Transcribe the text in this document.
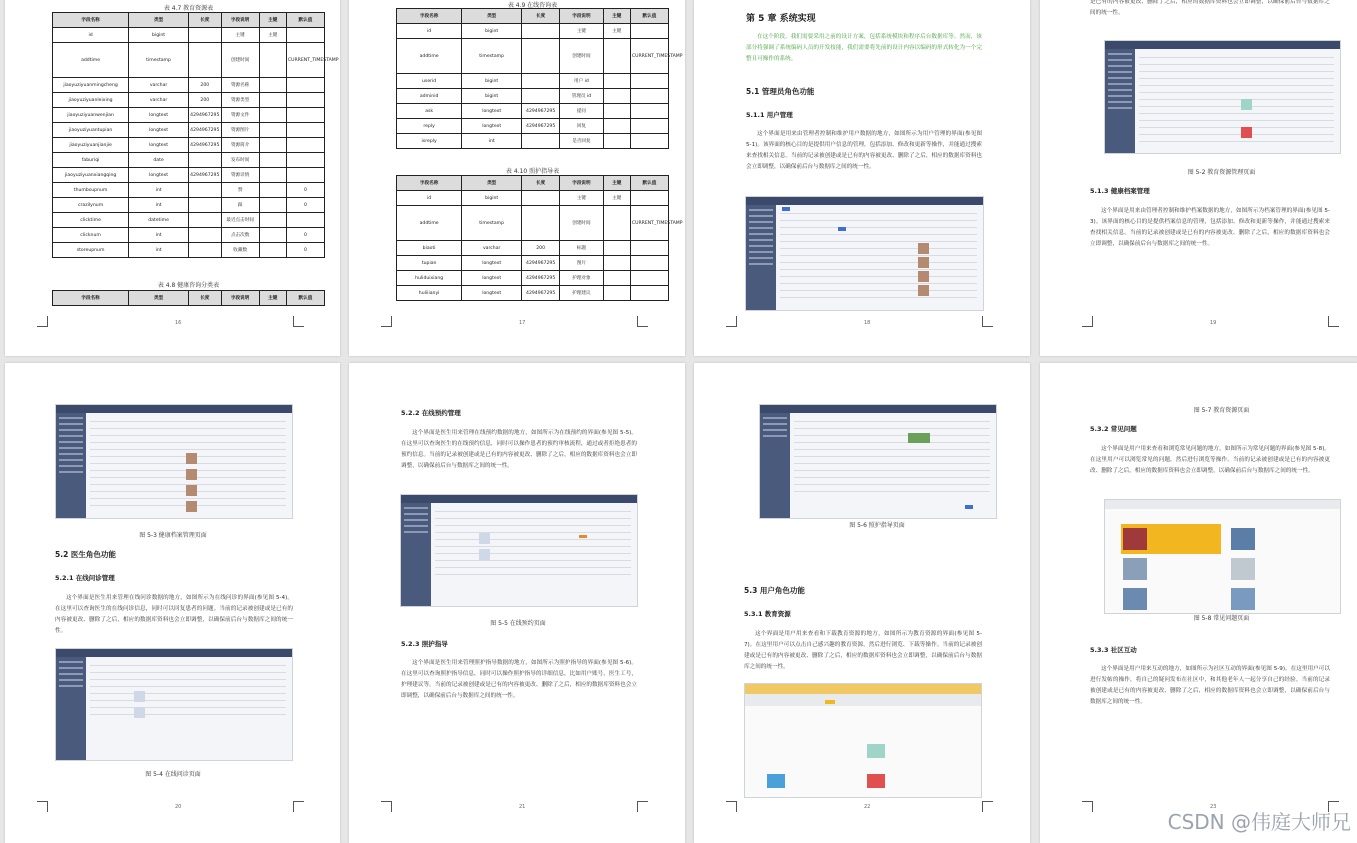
表 4.7 教育资源表
字段名称	类型	长度	字段说明	主键	默认值
id	bigint		主键	主键	
addtime	timestamp		创建时间		CURRENT_TIMESTAMP
jiaoyuziyuanmingcheng	varchar	200	资源名称		
jiaoyuziyuanleixing	varchar	200	资源类型		
jiaoyuziyuanwenjian	longtext	4294967295	资源文件		
jiaoyuziyuantupian	longtext	4294967295	资源图片		
jiaoyuziyuanjianjie	longtext	4294967295	资源简介		
faburiqi	date		发布时间		
jiaoyuziyuanxiangqing	longtext	4294967295	资源详情		
thumbsupnum	int		赞		0
crazilynum	int		踩		0
clicktime	datetime		最近点击时间		
clicknum	int		点击次数		0
storeupnum	int		收藏数		0
表 4.8 健康咨询分类表
字段名称	类型	长度	字段说明	主键	默认值
16
表 4.9 在线咨询表
字段名称	类型	长度	字段说明	主键	默认值
id	bigint		主键	主键	
addtime	timestamp		创建时间		CURRENT_TIMESTAMP
userid	bigint		用户 id		
adminid	bigint		管理员 id		
ask	longtext	4294967295	提问		
reply	longtext	4294967295	回复		
isreply	int		是否回复		
表 4.10 照护指导表
字段名称	类型	长度	字段说明	主键	默认值
id	bigint		主键	主键	
addtime	timestamp		创建时间		CURRENT_TIMESTAMP
biaoti	varchar	200	标题		
tupian	longtext	4294967295	图片		
huliduixiang	longtext	4294967295	护理对象		
huliiianyi	longtext	4294967295	护理建议		
17
第 5 章 系统实现
在这个阶段，我们需要采用之前的设计方案，包括系统模块和程序后台数据库等。然而，该部分将强调了系统编码人员的开发技能，我们需要将先前的设计内容以编码的形式转化为一个完整且可操作的系统。
5.1 管理员角色功能
5.1.1 用户管理
这个界面是用来由管理者控制和维护用户数据的地方，如图所示为用户管理的界面(参见图 5-1)。该界面的核心目的是提供用户信息的管理，包括添加、修改和更新等操作，并能通过搜索来查找相关信息。当前的记录被创建或是已有的内容被更改、删除了之后，相应的数据库资料也会立即调整，以确保前后台与数据库之间的统一性。
18
是已有的内容被更改、删除了之后，相应的数据库资料也会立即调整，以确保前后台与数据库之间的统一性。
图 5-2 教育资源管理页面
5.1.3 健康档案管理
这个界面是用来由管理者控制和维护档案数据的地方，如图所示为档案管理的界面(参见图 5-3)。该界面的核心目的是提供档案信息的管理，包括添加、修改和更新等操作，并能通过搜索来查找相关信息。当前的记录被创建或是已有的内容被更改、删除了之后，相应的数据库资料也会立即调整，以确保前后台与数据库之间的统一性。
19
图 5-3 健康档案管理页面
5.2 医生角色功能
5.2.1 在线问诊管理
这个界面是医生用来管理在线问诊数据的地方，如图所示为在线问诊的界面(参见图 5-4)。在这里可以查询医生的在线问诊信息，同时可以回复患者的问题。当前的记录被创建或是已有的内容被更改、删除了之后，相应的数据库资料也会立即调整，以确保前后台与数据库之间的统一性。
图 5-4 在线问诊页面
20
5.2.2 在线预约管理
这个界面是医生用来管理在线预约数据的地方，如图所示为在线预约的界面(参见图 5-5)。在这里可以查询医生的在线预约信息，同时可以操作患者的预约审核流程，通过或者拒绝患者的预约信息。当前的记录被创建或是已有的内容被更改、删除了之后，相应的数据库资料也会立即调整，以确保前后台与数据库之间的统一性。
图 5-5 在线预约页面
5.2.3 照护指导
这个界面是医生用来管理照护指导数据的地方，如图所示为照护指导的界面(参见图 5-6)。在这里可以查询照护指导信息，同时可以操作照护指导的详细信息，比如用户账号，医生工号，护理建议等。当前的记录被创建或是已有的内容被更改、删除了之后，相应的数据库资料也会立即调整，以确保前后台与数据库之间的统一性。
21
图 5-6 照护指导页面
5.3 用户角色功能
5.3.1 教育资源
这个界面是用户用来查看和下载教育资源的地方，如图所示为教育资源的界面(参见图 5-7)。在这里用户可以点击自己感兴趣的教育资源，然后进行浏览、下载等操作。当前的记录被创建或是已有的内容被更改、删除了之后，相应的数据库资料也会立即调整，以确保前后台与数据库之间的统一性。
22
图 5-7 教育资源页面
5.3.2 常见问题
这个界面是用户用来查看和浏览常见问题的地方，如图所示为常见问题的界面(参见图 5-8)。在这里用户可以浏览常见的问题，然后进行浏览等操作。当前的记录被创建或是已有的内容被更改、删除了之后，相应的数据库资料也会立即调整，以确保前后台与数据库之间的统一性。
图 5-8 常见问题页面
5.3.3 社区互动
这个界面是用户用来互动的地方，如图所示为社区互动的界面(参见图 5-9)。在这里用户可以进行发帖的操作，将自己的疑问发布在社区中，和其他老年人一起分享自己的经验。当前的记录被创建或是已有的内容被更改、删除了之后，相应的数据库资料也会立即调整，以确保前后台与数据库之间的统一性。
23
CSDN @伟庭大师兄
